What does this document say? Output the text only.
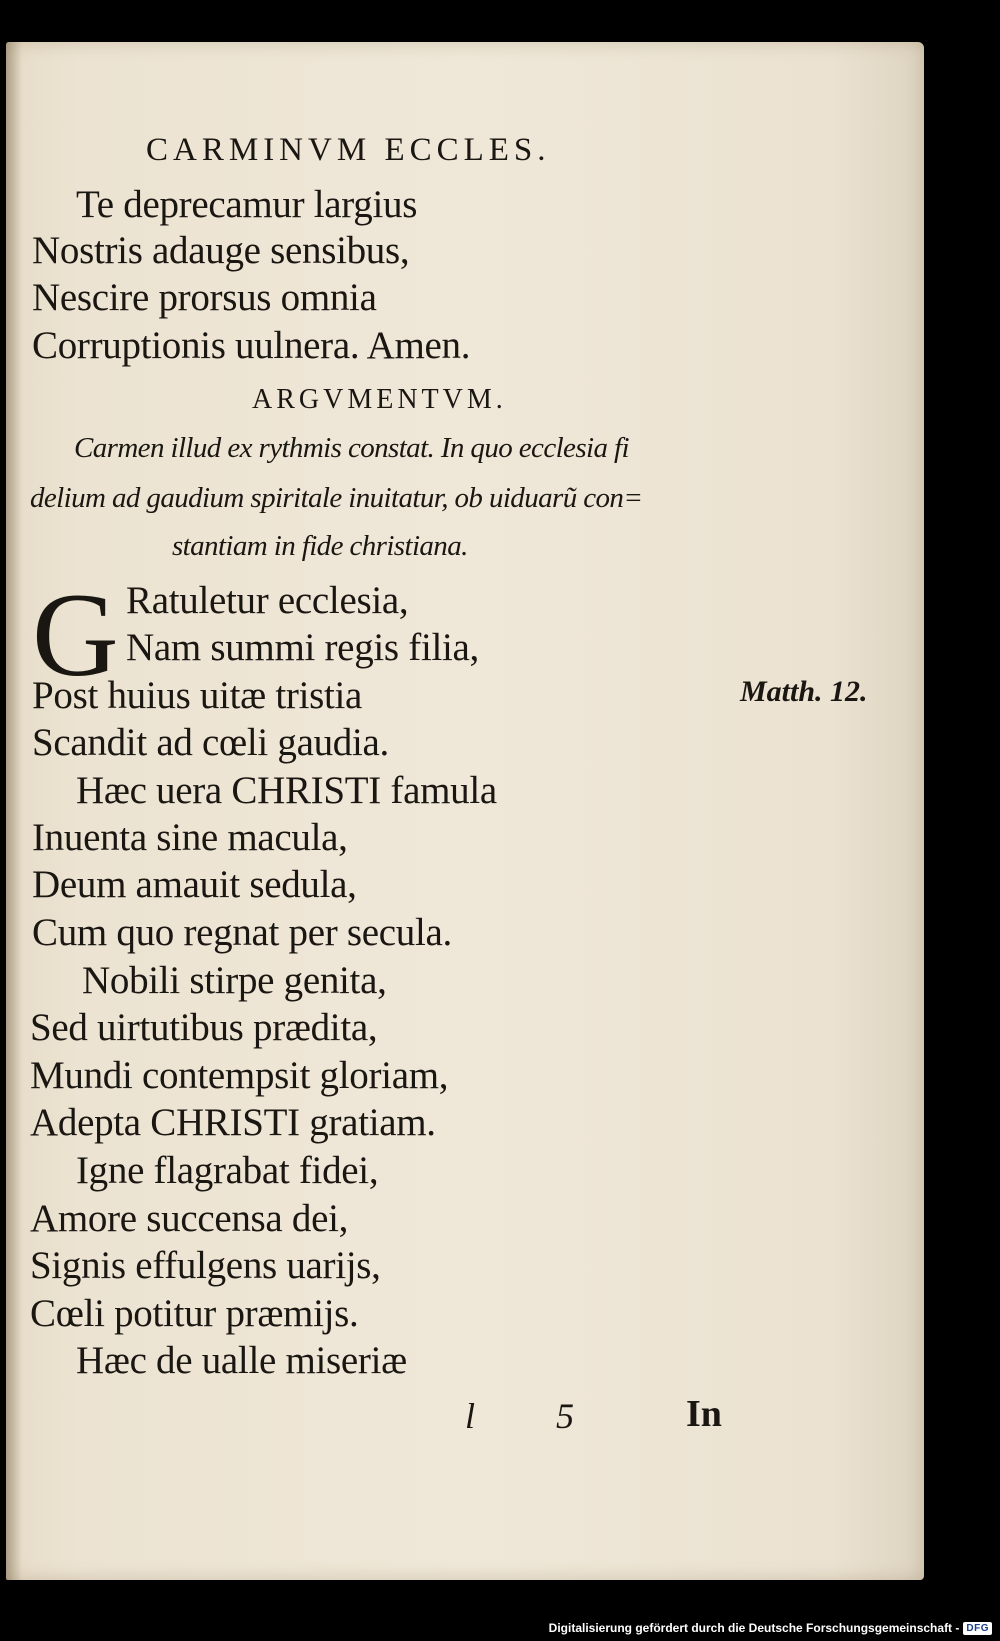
CARMINVM ECCLES.
Te deprecamur largius
Nostris adauge sensibus,
Nescire prorsus omnia
Corruptionis uulnera. Amen.
ARGVMENTVM.
Carmen illud ex rythmis constat. In quo ecclesia fi
delium ad gaudium spiritale inuitatur, ob uiduarũ con=
stantiam in fide christiana.
G Ratuletur ecclesia,
Nam summi regis filia,
Post huius uitæ tristia
Scandit ad cœli gaudia.
Hæc uera CHRISTI famula
Inuenta sine macula,
Deum amauit sedula,
Cum quo regnat per secula.
Nobili stirpe genita,
Sed uirtutibus prædita,
Mundi contempsit gloriam,
Adepta CHRISTI gratiam.
Igne flagrabat fidei,
Amore succensa dei,
Signis effulgens uarijs,
Cœli potitur præmijs.
Hæc de ualle miseriæ
Matth. 12.
l 5 In
Digitalisierung gefördert durch die Deutsche Forschungsgemeinschaft - DFG
